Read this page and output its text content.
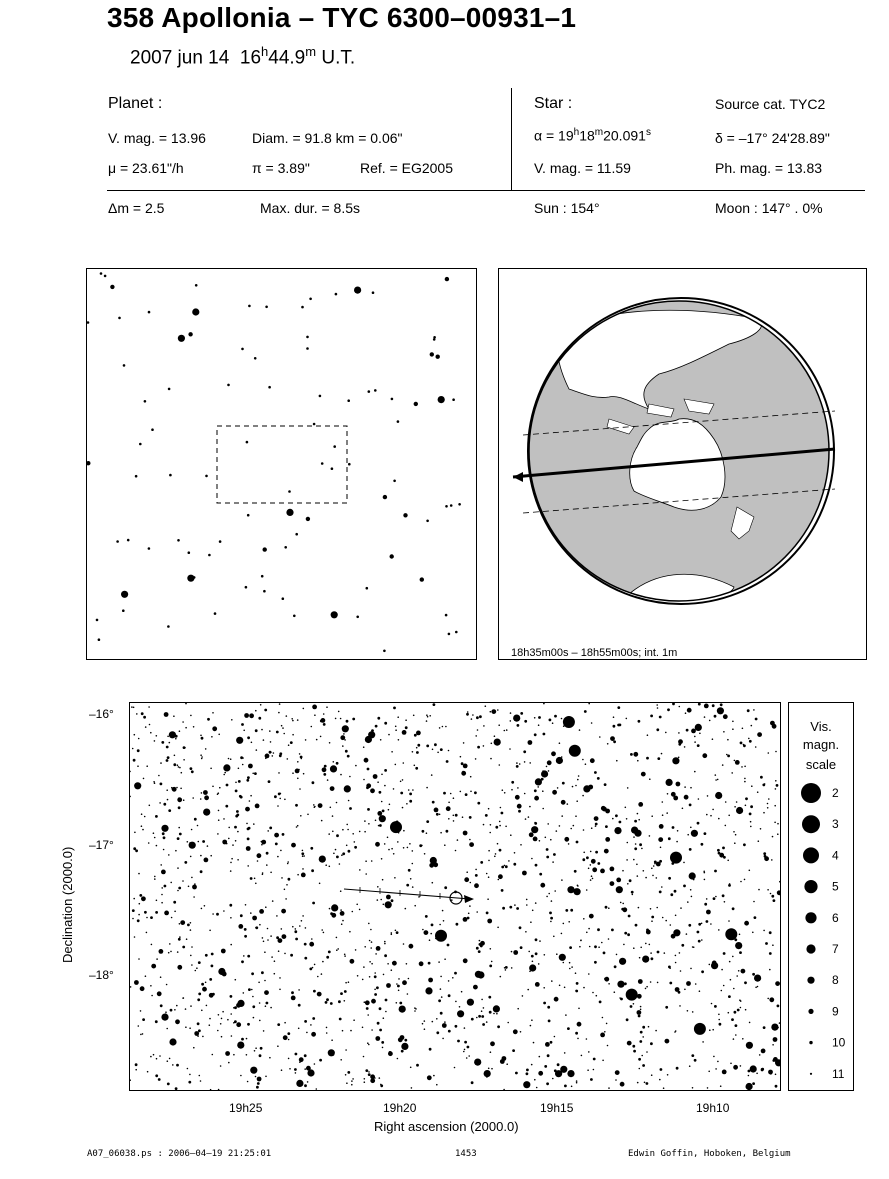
358 Apollonia – TYC 6300–00931–1
2007 jun 14 16$^h$44.9$^m$ U.T.
Planet :
V. mag. = 13.96	Diam. = 91.8 km = 0.06"
μ = 23.61"/h	π = 3.89"	Ref. = EG2005
Star :	Source cat. TYC2
$\alpha = 19^h18^m20.091^s$	δ = –17° 24'28.89"
V. mag. = 11.59	Ph. mag. = 13.83
Δm = 2.5	Max. dur. = 8.5s	Sun : 154°	Moon : 147° . 0%
18h35m00s – 18h55m00s; int. 1m
–16°
–17°
–18°
19h25	19h20	19h15	19h10
Right ascension (2000.0)
Declination (2000.0)
Vis.
magn.
scale
2
3
4
5
6
7
8
9
10
11
A07_06038.ps : 2006–04–19 21:25:01	1453	Edwin Goffin, Hoboken, Belgium
